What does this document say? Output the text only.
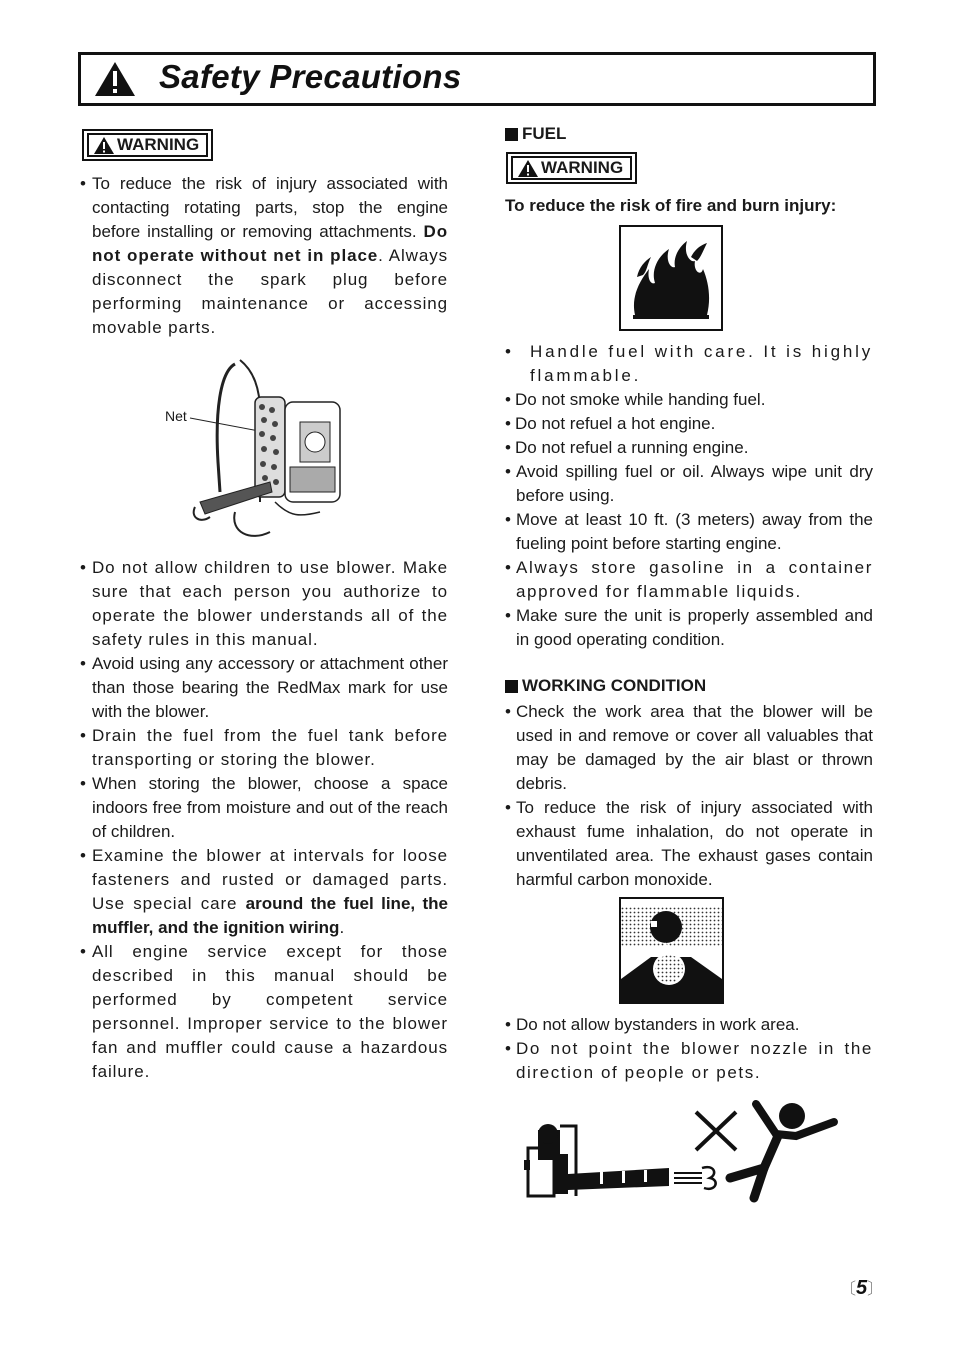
Safety Precautions
WARNING
• To reduce the risk of injury associated with contacting rotating parts, stop the engine before installing or removing attachments. Do not operate without net in place. Always disconnect the spark plug before performing maintenance or accessing movable parts.
Net
• Do not allow children to use blower. Make sure that each person you authorize to operate the blower understands all of the safety rules in this manual.
• Avoid using any accessory or attachment other than those bearing the RedMax mark for use with the blower.
• Drain the fuel from the fuel tank before transporting or storing the blower.
• When storing the blower, choose a space indoors free from moisture and out of the reach of children.
• Examine the blower at intervals for loose fasteners and rusted or damaged parts. Use special care around the fuel line, the muffler, and the ignition wiring.
• All engine service except for those described in this manual should be performed by competent service personnel. Improper service to the blower fan and muffler could cause a hazardous failure.
FUEL
WARNING
To reduce the risk of fire and burn injury:
• Handle fuel with care. It is highly flammable.
• Do not smoke while handing fuel.
• Do not refuel a hot engine.
• Do not refuel a running engine.
• Avoid spilling fuel or oil. Always wipe unit dry before using.
• Move at least 10 ft. (3 meters) away from the fueling point before starting engine.
• Always store gasoline in a container approved for flammable liquids.
• Make sure the unit is properly assembled and in good operating condition.
WORKING CONDITION
• Check the work area that the blower will be used in and remove or cover all valuables that may be damaged by the air blast or thrown debris.
• To reduce the risk of injury associated with exhaust fume inhalation, do not operate in unventilated area. The exhaust gases contain harmful carbon monoxide.
• Do not allow bystanders in work area.
• Do not point the blower nozzle in the direction of people or pets.
〔5〕
